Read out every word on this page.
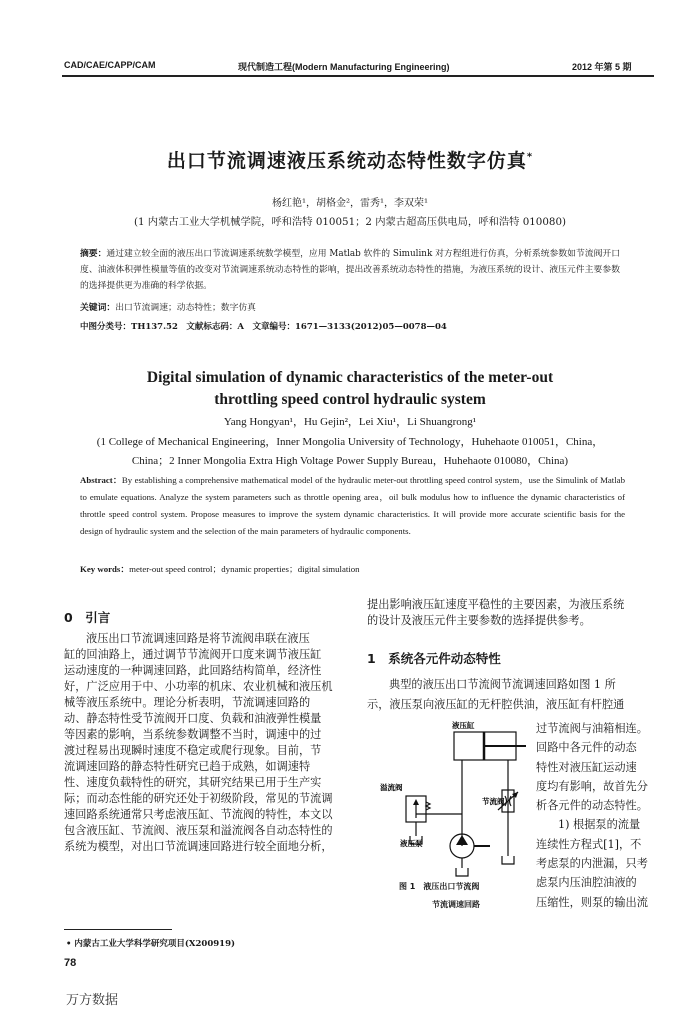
CAD/CAE/CAPP/CAM	现代制造工程(Modern Manufacturing Engineering)	2012 年第 5 期
出口节流调速液压系统动态特性数字仿真*
杨红艳¹，胡格金²，雷秀¹，李双荣¹
(1 内蒙古工业大学机械学院，呼和浩特 010051；2 内蒙古超高压供电局，呼和浩特 010080)
摘要：通过建立较全面的液压出口节流调速系统数学模型，应用 Matlab 软件的 Simulink 对方程组进行仿真，分析系统参数如节流阀开口度、油液体积弹性模量等值的改变对节流调速系统动态特性的影响，提出改善系统动态特性的措施，为液压系统的设计、液压元件主要参数的选择提供更为准确的科学依据。
关键词：出口节流调速；动态特性；数字仿真
中图分类号：TH137.52　文献标志码：A　文章编号：1671—3133(2012)05—0078—04
Digital simulation of dynamic characteristics of the meter-out
throttling speed control hydraulic system
Yang Hongyan¹，Hu Gejin²，Lei Xiu¹，Li Shuangrong¹
(1 College of Mechanical Engineering，Inner Mongolia University of Technology，Huhehaote 010051，China，
China；2 Inner Mongolia Extra High Voltage Power Supply Bureau，Huhehaote 010080，China)
Abstract：By establishing a comprehensive mathematical model of the hydraulic meter-out throttling speed control system，use the Simulink of Matlab to emulate equations. Analyze the system parameters such as throttle opening area，oil bulk modulus how to influence the dynamic characteristics of throttle speed control system. Propose measures to improve the system dynamic characteristics. It will provide more accurate scientific basis for the design of hydraulic system and the selection of the main parameters of hydraulic components.
Key words：meter-out speed control；dynamic properties；digital simulation
0　引言
液压出口节流调速回路是将节流阀串联在液压
缸的回油路上，通过调节节流阀开口度来调节液压缸
运动速度的一种调速回路，此回路结构简单，经济性
好，广泛应用于中、小功率的机床、农业机械和液压机
械等液压系统中。理论分析表明，节流调速回路的
动、静态特性受节流阀开口度、负载和油液弹性模量
等因素的影响，当系统参数调整不当时，调速中的过
渡过程易出现瞬时速度不稳定或爬行现象。目前，节
流调速回路的静态特性研究已趋于成熟，如调速特
性、速度负载特性的研究，其研究结果已用于生产实
际；而动态性能的研究还处于初级阶段，常见的节流调
速回路系统通常只考虑液压缸、节流阀的特性，本文以
包含液压缸、节流阀、液压泵和溢流阀各自动态特性的
系统为模型，对出口节流调速回路进行较全面地分析，
提出影响液压缸速度平稳性的主要因素，为液压系统
的设计及液压元件主要参数的选择提供参考。
1　系统各元件动态特性
典型的液压出口节流阀节流调速回路如图 1 所
示，液压泵向液压缸的无杆腔供油，液压缸有杆腔通
过节流阀与油箱相连。
回路中各元件的动态
特性对液压缸运动速
度均有影响，故首先分
析各元件的动态特性。
1) 根据泵的流量
连续性方程式[1]，不
考虑泵的内泄漏，只考
虑泵内压油腔油液的
压缩性，则泵的输出流
液压缸
溢流阀
节流阀
液压泵
图 1　液压出口节流阀
节流调速回路
• 内蒙古工业大学科学研究项目(X200919)
78
万方数据
